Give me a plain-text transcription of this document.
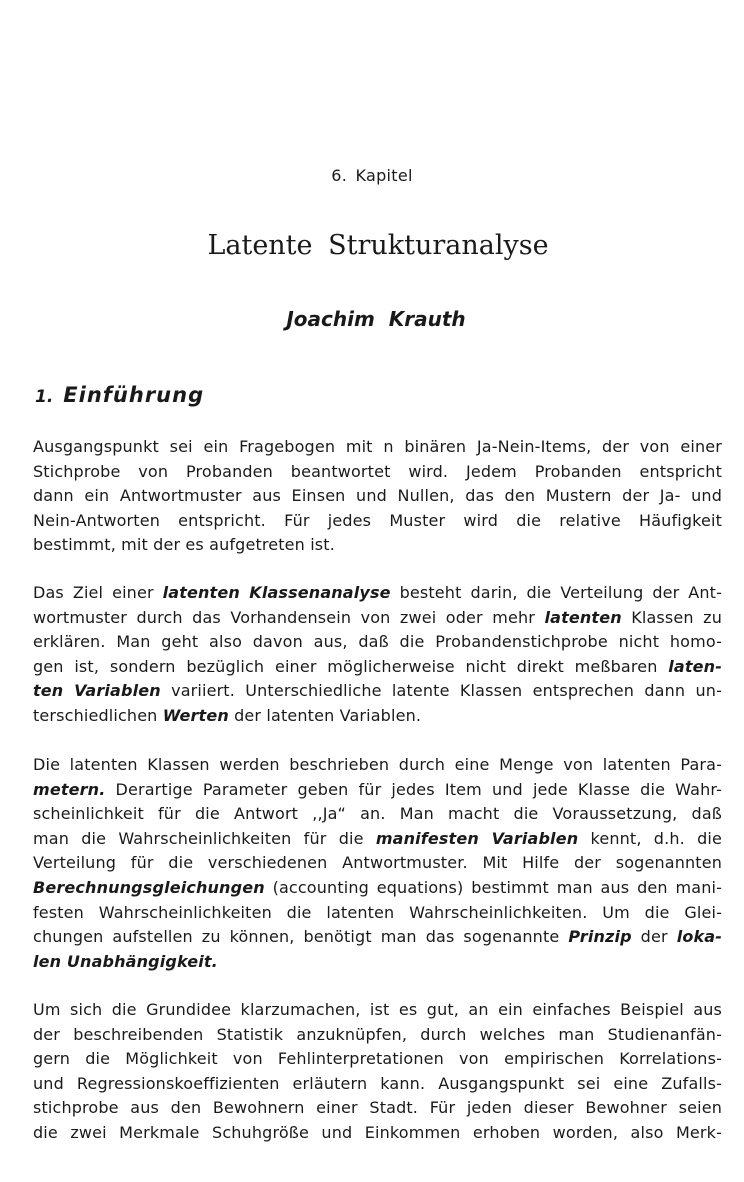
6. Kapitel
Latente Strukturanalyse
Joachim Krauth
1. Einführung

Ausgangspunkt sei ein Fragebogen mit n binären Ja-Nein-Items, der von einer
Stichprobe von Probanden beantwortet wird. Jedem Probanden entspricht
dann ein Antwortmuster aus Einsen und Nullen, das den Mustern der Ja- und
Nein-Antworten entspricht. Für jedes Muster wird die relative Häufigkeit
bestimmt, mit der es aufgetreten ist.

Das Ziel einer latenten Klassenanalyse besteht darin, die Verteilung der Ant-
wortmuster durch das Vorhandensein von zwei oder mehr latenten Klassen zu
erklären. Man geht also davon aus, daß die Probandenstichprobe nicht homo-
gen ist, sondern bezüglich einer möglicherweise nicht direkt meßbaren laten-
ten Variablen variiert. Unterschiedliche latente Klassen entsprechen dann un-
terschiedlichen Werten der latenten Variablen.

Die latenten Klassen werden beschrieben durch eine Menge von latenten Para-
metern. Derartige Parameter geben für jedes Item und jede Klasse die Wahr-
scheinlichkeit für die Antwort ,,Ja“ an. Man macht die Voraussetzung, daß
man die Wahrscheinlichkeiten für die manifesten Variablen kennt, d.h. die
Verteilung für die verschiedenen Antwortmuster. Mit Hilfe der sogenannten
Berechnungsgleichungen (accounting equations) bestimmt man aus den mani-
festen Wahrscheinlichkeiten die latenten Wahrscheinlichkeiten. Um die Glei-
chungen aufstellen zu können, benötigt man das sogenannte Prinzip der loka-
len Unabhängigkeit.

Um sich die Grundidee klarzumachen, ist es gut, an ein einfaches Beispiel aus
der beschreibenden Statistik anzuknüpfen, durch welches man Studienanfän-
gern die Möglichkeit von Fehlinterpretationen von empirischen Korrelations-
und Regressionskoeffizienten erläutern kann. Ausgangspunkt sei eine Zufalls-
stichprobe aus den Bewohnern einer Stadt. Für jeden dieser Bewohner seien
die zwei Merkmale Schuhgröße und Einkommen erhoben worden, also Merk-
